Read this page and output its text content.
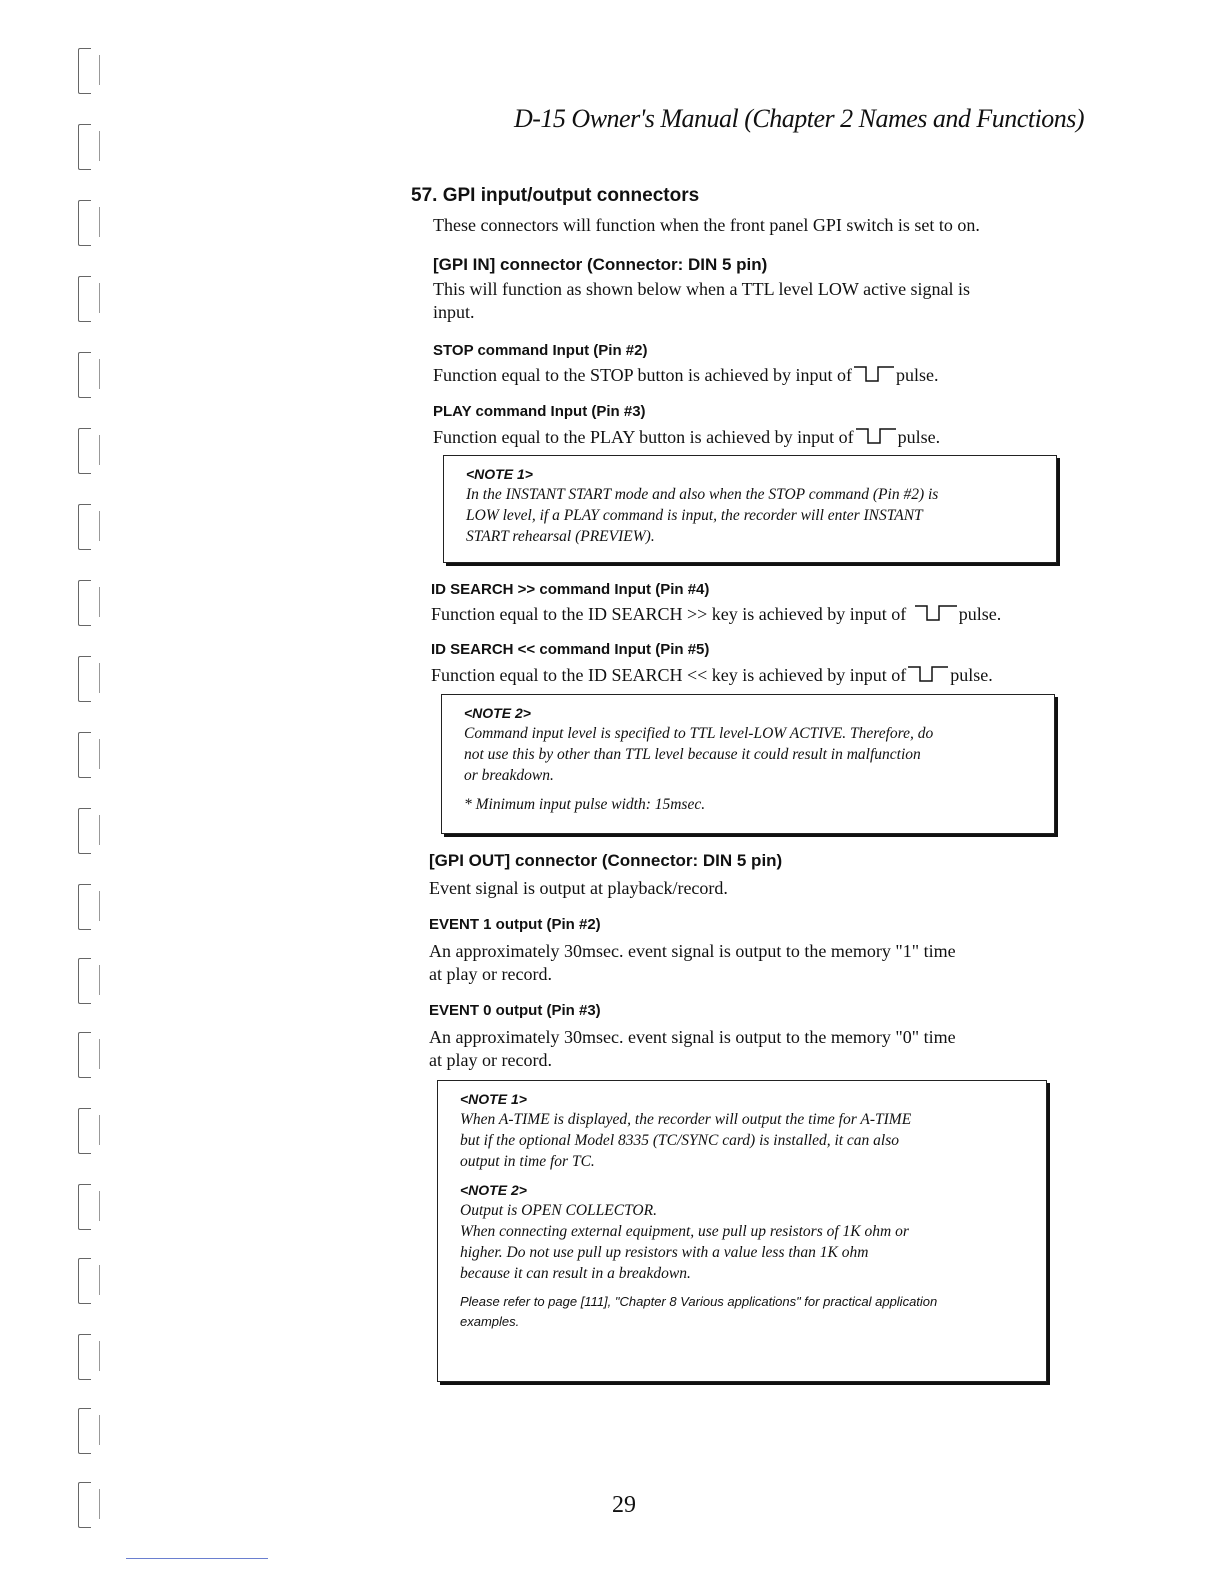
D-15 Owner's Manual (Chapter 2 Names and Functions)
57. GPI input/output connectors
These connectors will function when the front panel GPI switch is set to on.
[GPI IN] connector (Connector: DIN 5 pin)
This will function as shown below when a TTL level LOW active signal is
input.
STOP command Input (Pin #2)
Function equal to the STOP button is achieved by input of pulse.
PLAY command Input (Pin #3)
Function equal to the PLAY button is achieved by input of pulse.
<NOTE 1>
In the INSTANT START mode and also when the STOP command (Pin #2) is
LOW level, if a PLAY command is input, the recorder will enter INSTANT
START rehearsal (PREVIEW).
ID SEARCH >> command Input (Pin #4)
Function equal to the ID SEARCH >> key is achieved by input of	pulse.
ID SEARCH << command Input (Pin #5)
Function equal to the ID SEARCH << key is achieved by input of pulse.
<NOTE 2>
Command input level is specified to TTL level-LOW ACTIVE. Therefore, do
not use this by other than TTL level because it could result in malfunction
or breakdown.
* Minimum input pulse width: 15msec.
[GPI OUT] connector (Connector: DIN 5 pin)
Event signal is output at playback/record.
EVENT 1 output (Pin #2)
An approximately 30msec. event signal is output to the memory "1" time
at play or record.
EVENT 0 output (Pin #3)
An approximately 30msec. event signal is output to the memory "0" time
at play or record.
<NOTE 1>
When A-TIME is displayed, the recorder will output the time for A-TIME
but if the optional Model 8335 (TC/SYNC card) is installed, it can also
output in time for TC.
<NOTE 2>
Output is OPEN COLLECTOR.
When connecting external equipment, use pull up resistors of 1K ohm or
higher. Do not use pull up resistors with a value less than 1K ohm
because it can result in a breakdown.
Please refer to page [111], "Chapter 8 Various applications" for practical application
examples.
29
